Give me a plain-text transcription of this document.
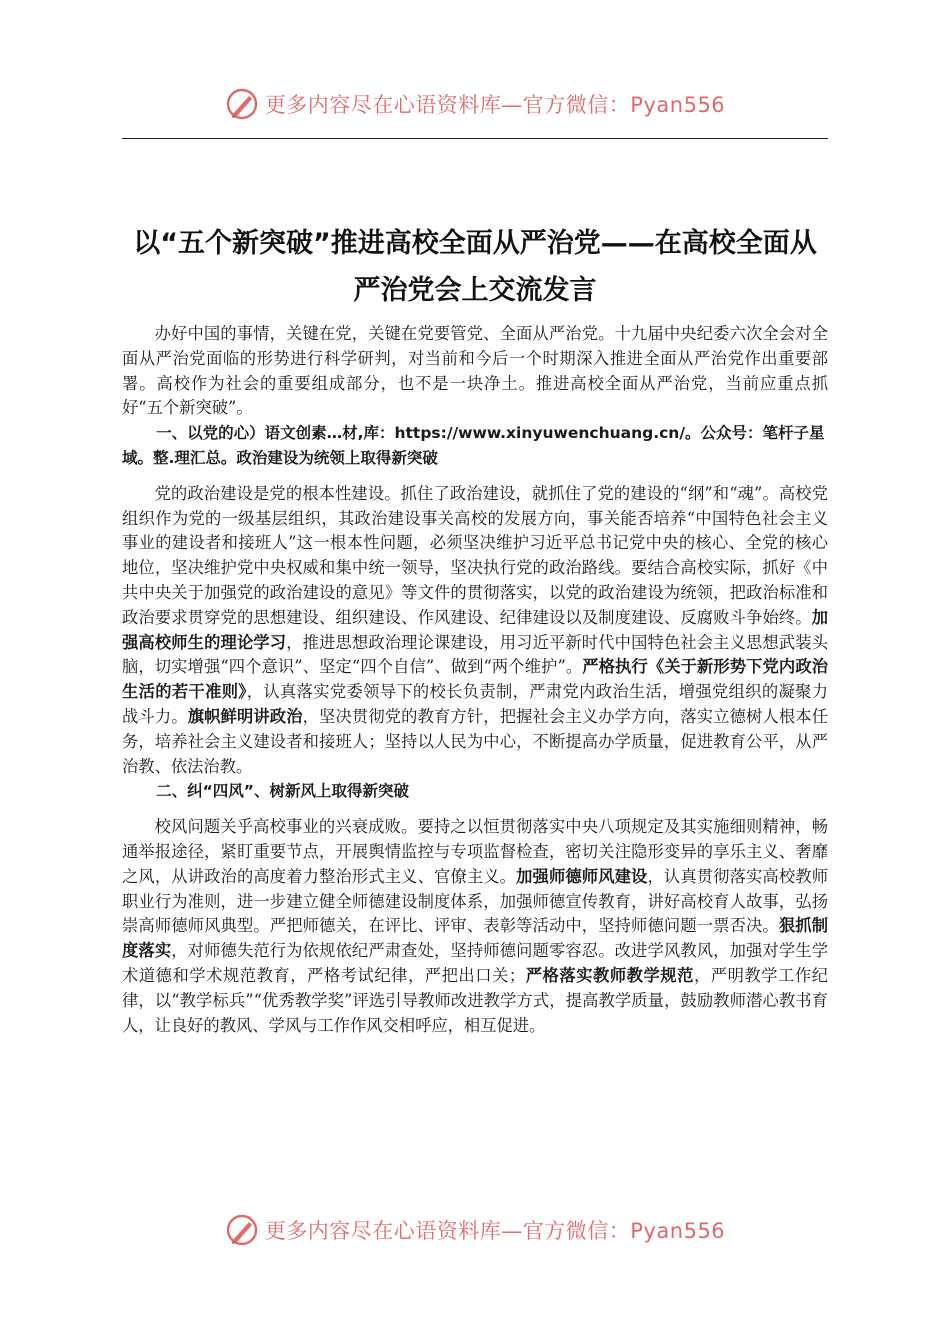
更多内容尽在心语资料库—官方微信：Pyan556
以“五个新突破”推进高校全面从严治党——在高校全面从严治党会上交流发言

办好中国的事情，关键在党，关键在党要管党、全面从严治党。十九届中央纪委六次全会对全面从严治党面临的形势进行科学研判，对当前和今后一个时期深入推进全面从严治党作出重要部署。高校作为社会的重要组成部分，也不是一块净土。推进高校全面从严治党，当前应重点抓好“五个新突破”。

一、以党的心）语文创素…材,库：https://www.xinyuwenchuang.cn/。公众号：笔杆子星域。整.理汇总。政治建设为统领上取得新突破

党的政治建设是党的根本性建设。抓住了政治建设，就抓住了党的建设的“纲”和“魂”。高校党组织作为党的一级基层组织，其政治建设事关高校的发展方向，事关能否培养“中国特色社会主义事业的建设者和接班人”这一根本性问题，必须坚决维护习近平总书记党中央的核心、全党的核心地位，坚决维护党中央权威和集中统一领导，坚决执行党的政治路线。要结合高校实际，抓好《中共中央关于加强党的政治建设的意见》等文件的贯彻落实，以党的政治建设为统领，把政治标准和政治要求贯穿党的思想建设、组织建设、作风建设、纪律建设以及制度建设、反腐败斗争始终。加强高校师生的理论学习，推进思想政治理论课建设，用习近平新时代中国特色社会主义思想武装头脑，切实增强“四个意识”、坚定“四个自信”、做到“两个维护”。严格执行《关于新形势下党内政治生活的若干准则》，认真落实党委领导下的校长负责制，严肃党内政治生活，增强党组织的凝聚力战斗力。旗帜鲜明讲政治，坚决贯彻党的教育方针，把握社会主义办学方向，落实立德树人根本任务，培养社会主义建设者和接班人；坚持以人民为中心，不断提高办学质量，促进教育公平，从严治教、依法治教。

二、纠“四风”、树新风上取得新突破

校风问题关乎高校事业的兴衰成败。要持之以恒贯彻落实中央八项规定及其实施细则精神，畅通举报途径，紧盯重要节点，开展舆情监控与专项监督检查，密切关注隐形变异的享乐主义、奢靡之风，从讲政治的高度着力整治形式主义、官僚主义。加强师德师风建设，认真贯彻落实高校教师职业行为准则，进一步建立健全师德建设制度体系，加强师德宣传教育，讲好高校育人故事，弘扬崇高师德师风典型。严把师德关，在评比、评审、表彰等活动中，坚持师德问题一票否决。狠抓制度落实，对师德失范行为依规依纪严肃查处，坚持师德问题零容忍。改进学风教风，加强对学生学术道德和学术规范教育，严格考试纪律，严把出口关；严格落实教师教学规范，严明教学工作纪律，以“教学标兵”“优秀教学奖”评选引导教师改进教学方式，提高教学质量，鼓励教师潜心教书育人，让良好的教风、学风与工作作风交相呼应，相互促进。

更多内容尽在心语资料库—官方微信：Pyan556
